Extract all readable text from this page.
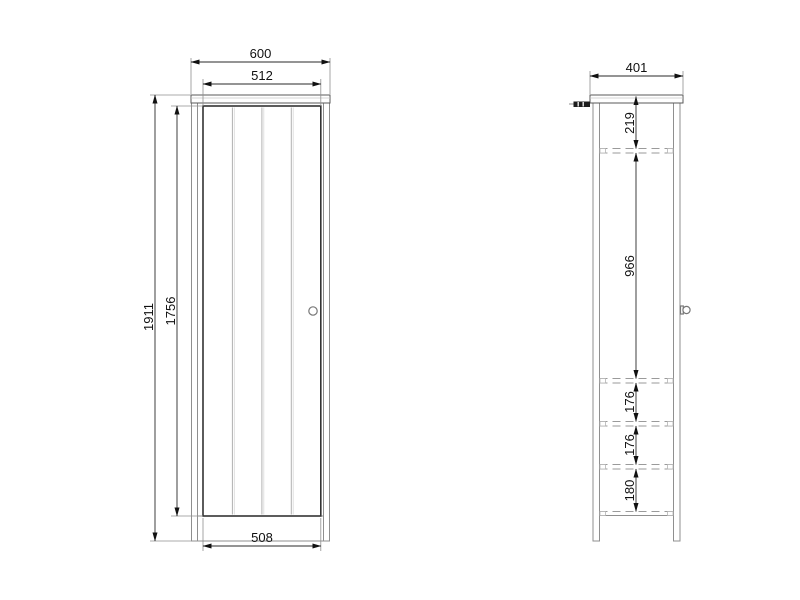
600
512
1911 1756
508
401
219
966
176
176
180
